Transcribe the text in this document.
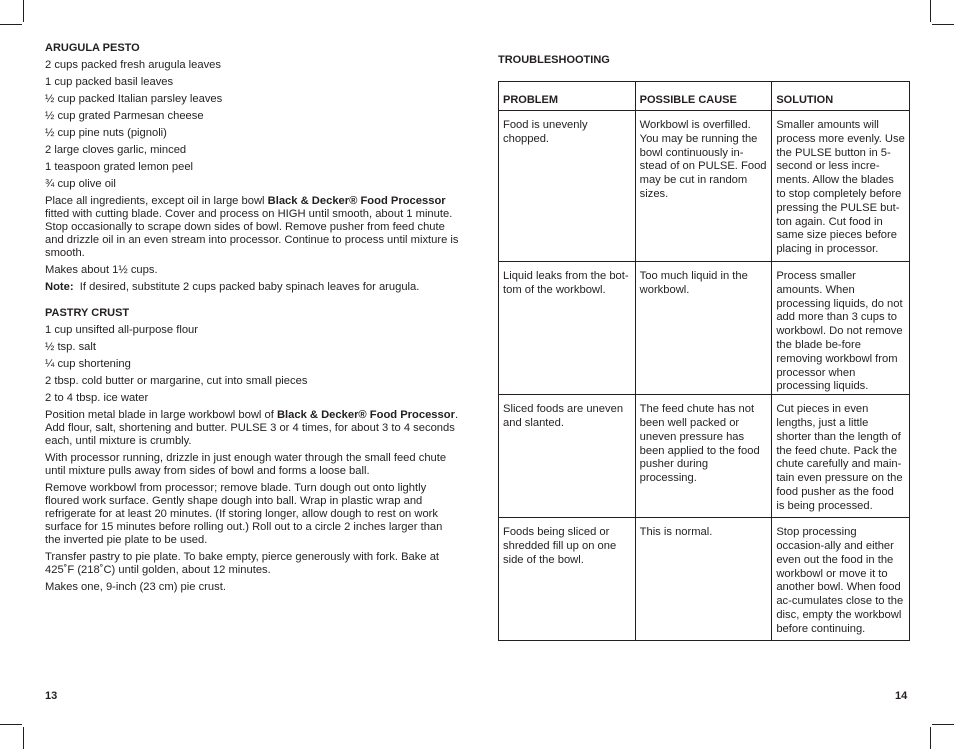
ARUGULA PESTO
2 cups packed fresh arugula leaves
1 cup packed basil leaves
½ cup packed Italian parsley leaves
½ cup grated Parmesan cheese
½ cup pine nuts (pignoli)
2 large cloves garlic, minced
1 teaspoon grated lemon peel
¾ cup olive oil
Place all ingredients, except oil in large bowl Black & Decker® Food Processor fitted with cutting blade. Cover and process on HIGH until smooth, about 1 minute. Stop occasionally to scrape down sides of bowl. Remove pusher from feed chute and drizzle oil in an even stream into processor. Continue to process until mixture is smooth.
Makes about 1½ cups.
Note:  If desired, substitute 2 cups packed baby spinach leaves for arugula.
PASTRY CRUST
1 cup unsifted all-purpose flour
½ tsp. salt
¼ cup shortening
2 tbsp. cold butter or margarine, cut into small pieces
2 to 4 tbsp. ice water
Position metal blade in large workbowl bowl of Black & Decker® Food Processor. Add flour, salt, shortening and butter. PULSE 3 or 4 times, for about 3 to 4 seconds each, until mixture is crumbly.
With processor running, drizzle in just enough water through the small feed chute until mixture pulls away from sides of bowl and forms a loose ball.
Remove workbowl from processor; remove blade. Turn dough out onto lightly floured work surface. Gently shape dough into ball. Wrap in plastic wrap and refrigerate for at least 20 minutes. (If storing longer, allow dough to rest on work surface for 15 minutes before rolling out.) Roll out to a circle 2 inches larger than the inverted pie plate to be used.
Transfer pastry to pie plate. To bake empty, pierce generously with fork. Bake at 425˚F (218˚C) until golden, about 12 minutes.
Makes one, 9-inch (23 cm) pie crust.
TROUBLESHOOTING
PROBLEM	POSSIBLE CAUSE	SOLUTION
Food is unevenly chopped.	Workbowl is overfilled. You may be running the bowl continuously in-stead of on PULSE. Food may be cut in random sizes.	Smaller amounts will process more evenly. Use the PULSE button in 5-second or less incre-ments. Allow the blades to stop completely before pressing the PULSE but-ton again. Cut food in same size pieces before placing in processor.
Liquid leaks from the bot-tom of the workbowl.	Too much liquid in the workbowl.	Process smaller amounts. When processing liquids, do not add more than 3 cups to workbowl. Do not remove the blade be-fore removing workbowl from processor when processing liquids.
Sliced foods are uneven and slanted.	The feed chute has not been well packed or uneven pressure has been applied to the food pusher during processing.	Cut pieces in even lengths, just a little shorter than the length of the feed chute. Pack the chute carefully and main-tain even pressure on the food pusher as the food is being processed.
Foods being sliced or shredded fill up on one side of the bowl.	This is normal.	Stop processing occasion-ally and either even out the food in the workbowl or move it to another bowl. When food ac-cumulates close to the disc, empty the workbowl before continuing.
13	14
